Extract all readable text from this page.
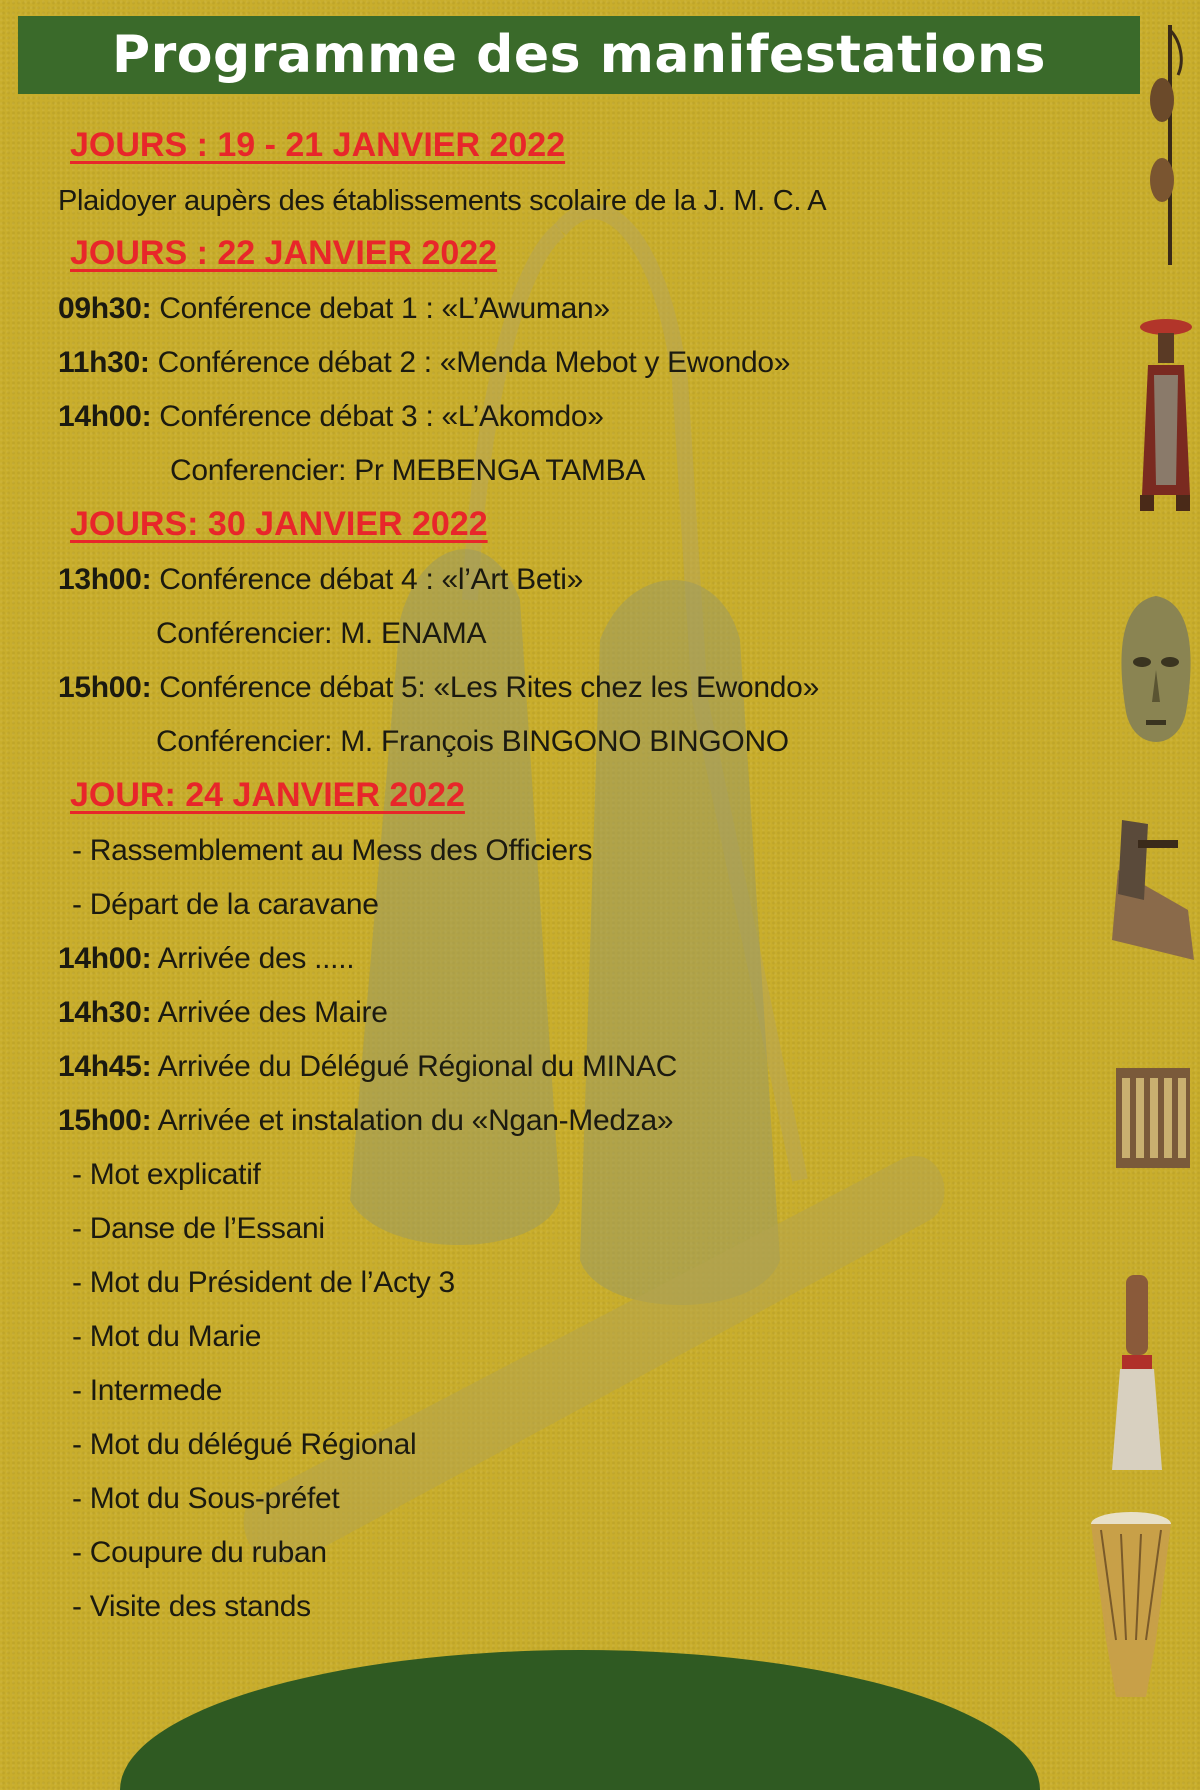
Programme des manifestations
JOURS : 19 - 21 JANVIER 2022
Plaidoyer aupèrs des établissements scolaire de la J. M. C. A
JOURS : 22 JANVIER 2022
09h30: Conférence debat 1 : «L’Awuman»
11h30: Conférence débat 2 : «Menda Mebot y Ewondo»
14h00: Conférence débat 3 : «L’Akomdo»
Conferencier: Pr MEBENGA TAMBA
JOURS: 30 JANVIER 2022
13h00: Conférence débat 4 : «l’Art Beti»
Conférencier: M. ENAMA
15h00: Conférence débat 5: «Les Rites chez les Ewondo»
Conférencier: M. François BINGONO BINGONO
JOUR: 24 JANVIER 2022
- Rassemblement au Mess des Officiers
- Départ de la caravane
14h00: Arrivée des .....
14h30: Arrivée des Maire
14h45: Arrivée du Délégué Régional du MINAC
15h00: Arrivée et instalation du «Ngan-Medza»
- Mot explicatif
- Danse de l’Essani
- Mot du Président de l’Acty 3
- Mot du Marie
- Intermede
- Mot du délégué Régional
- Mot du Sous-préfet
- Coupure du ruban
- Visite des stands
